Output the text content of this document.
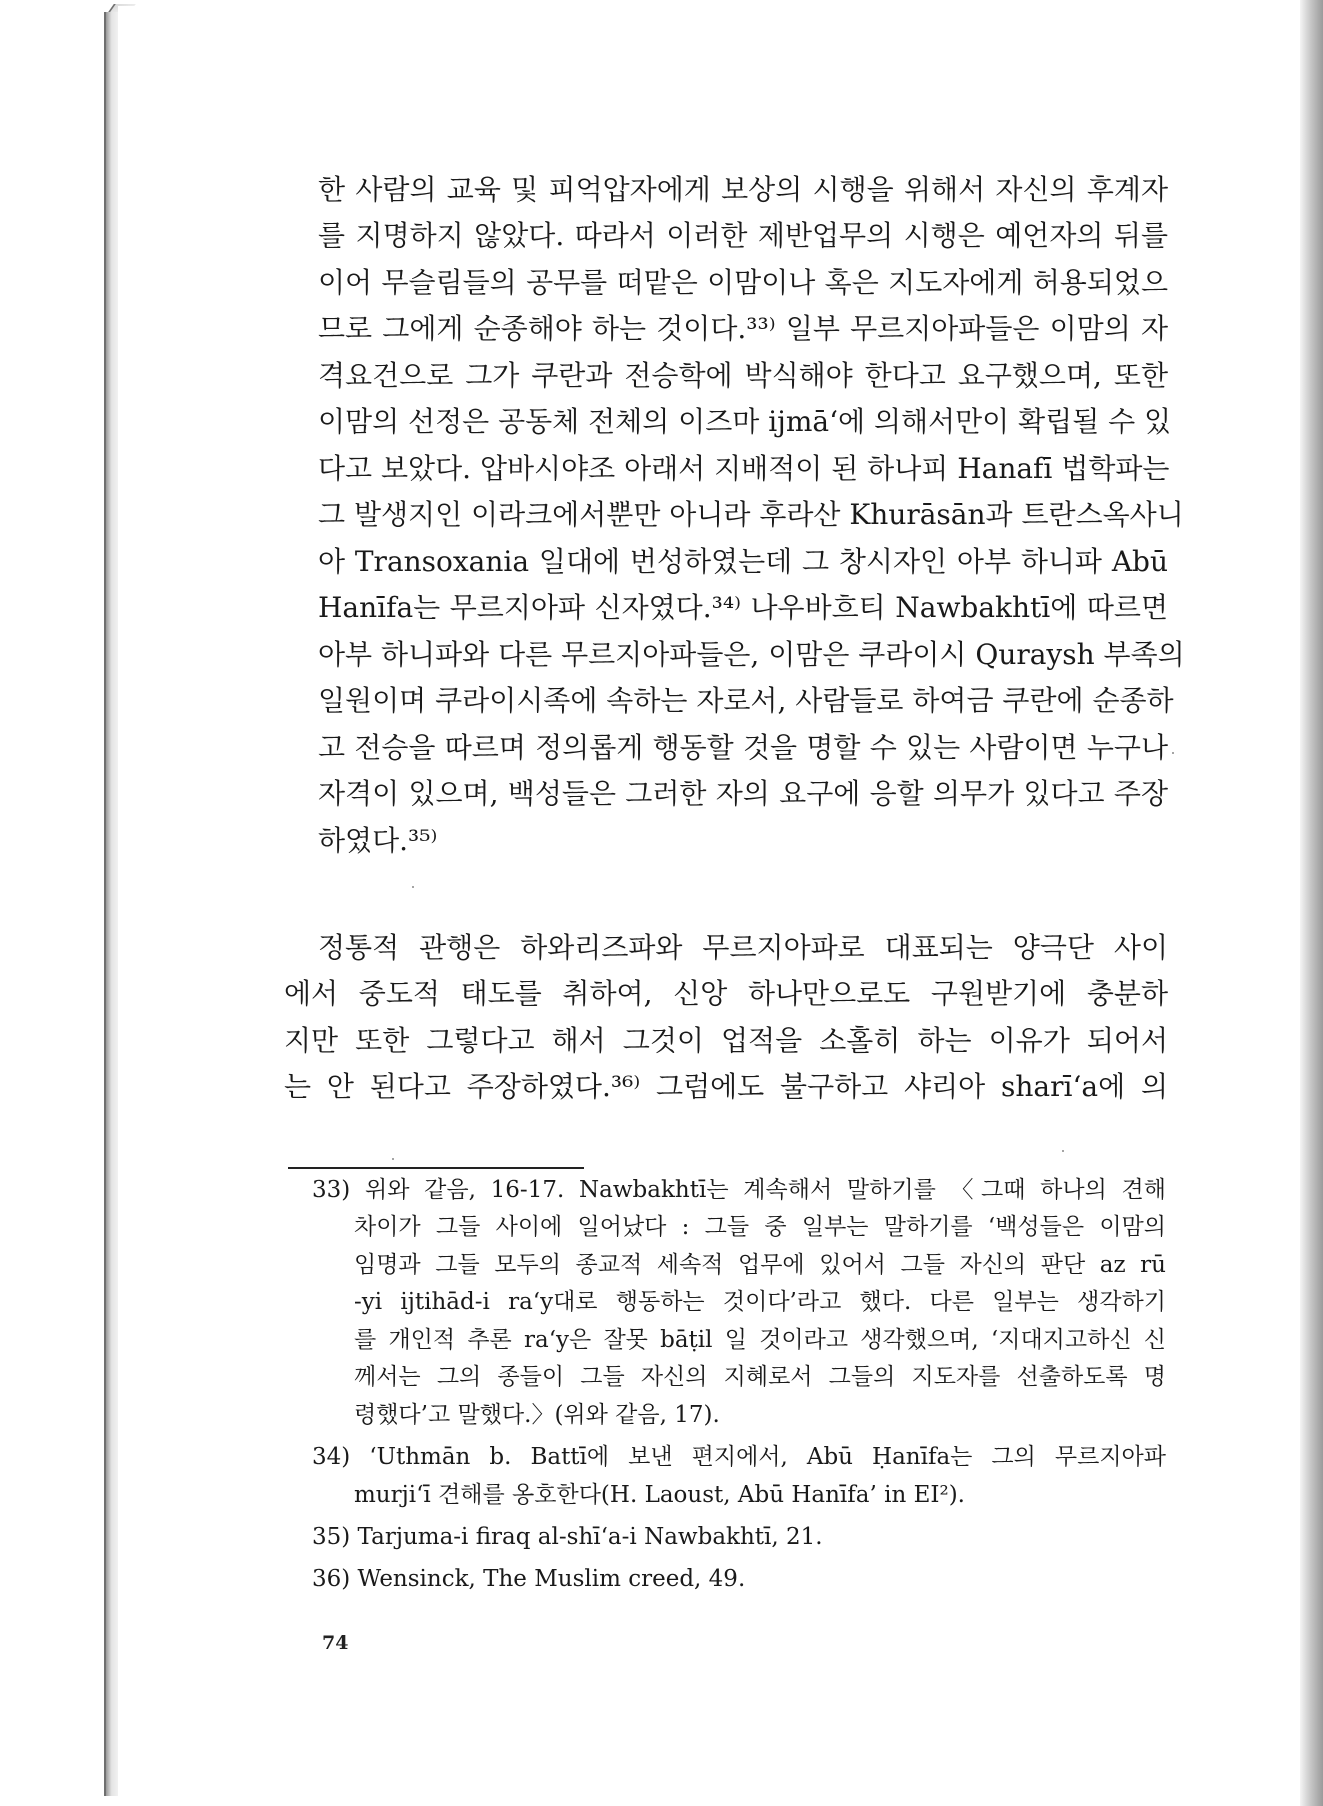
한 사람의 교육 및 피억압자에게 보상의 시행을 위해서 자신의 후계자
를 지명하지 않았다. 따라서 이러한 제반업무의 시행은 예언자의 뒤를
이어 무슬림들의 공무를 떠맡은 이맘이나 혹은 지도자에게 허용되었으
므로 그에게 순종해야 하는 것이다.³³⁾ 일부 무르지아파들은 이맘의 자
격요건으로 그가 쿠란과 전승학에 박식해야 한다고 요구했으며, 또한
이맘의 선정은 공동체 전체의 이즈마 ijmāʻ에 의해서만이 확립될 수 있
다고 보았다. 압바시야조 아래서 지배적이 된 하나피 Hanafī 법학파는
그 발생지인 이라크에서뿐만 아니라 후라산 Khurāsān과 트란스옥사니
아 Transoxania 일대에 번성하였는데 그 창시자인 아부 하니파 Abū
Hanīfa는 무르지아파 신자였다.³⁴⁾ 나우바흐티 Nawbakhtī에 따르면
아부 하니파와 다른 무르지아파들은, 이맘은 쿠라이시 Quraysh 부족의
일원이며 쿠라이시족에 속하는 자로서, 사람들로 하여금 쿠란에 순종하
고 전승을 따르며 정의롭게 행동할 것을 명할 수 있는 사람이면 누구나
자격이 있으며, 백성들은 그러한 자의 요구에 응할 의무가 있다고 주장
하였다.³⁵⁾
정통적 관행은 하와리즈파와 무르지아파로 대표되는 양극단 사이
에서 중도적 태도를 취하여, 신앙 하나만으로도 구원받기에 충분하
지만 또한 그렇다고 해서 그것이 업적을 소홀히 하는 이유가 되어서
는 안 된다고 주장하였다.³⁶⁾ 그럼에도 불구하고 샤리아 sharīʻa에 의
33) 위와 같음, 16-17. Nawbakhtī는 계속해서 말하기를 〈그때 하나의 견해
차이가 그들 사이에 일어났다 : 그들 중 일부는 말하기를 ‘백성들은 이맘의
임명과 그들 모두의 종교적 세속적 업무에 있어서 그들 자신의 판단 az rū
-yi ijtihād-i raʻy대로 행동하는 것이다’라고 했다. 다른 일부는 생각하기
를 개인적 추론 raʻy은 잘못 bāṭil 일 것이라고 생각했으며, ‘지대지고하신 신
께서는 그의 종들이 그들 자신의 지혜로서 그들의 지도자를 선출하도록 명
령했다’고 말했다.〉(위와 같음, 17).
34) ‘Uthmān b. Battī에 보낸 편지에서, Abū Ḥanīfa는 그의 무르지아파
murjiʻī 견해를 옹호한다(H. Laoust, Abū Hanīfa’ in EI²).
35) Tarjuma-i firaq al-shīʻa-i Nawbakhtī, 21.
36) Wensinck, The Muslim creed, 49.
74
